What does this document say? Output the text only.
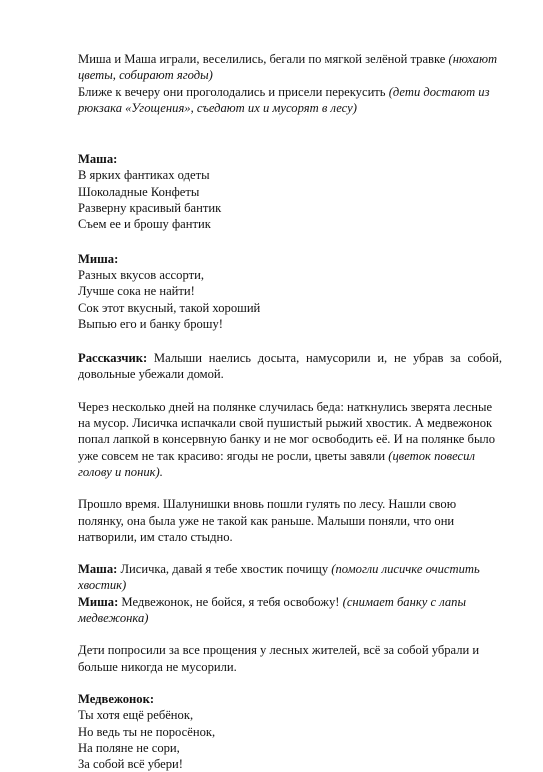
Миша и Маша играли, веселились, бегали по мягкой зелёной травке (нюхают цветы, собирают ягоды)

Ближе к вечеру они проголодались и присели перекусить (дети достают из рюкзака «Угощения», съедают их и мусорят в лесу)

Маша:
В ярких фантиках одеты
Шоколадные Конфеты
Разверну красивый бантик
Съем ее и брошу фантик
Миша:
Разных вкусов ассорти,
Лучше сока не найти!
Сок этот вкусный, такой хороший
Выпью его и банку брошу!

Рассказчик: Малыши наелись досыта, намусорили и, не убрав за собой, довольные убежали домой.

Через несколько дней на полянке случилась беда: наткнулись зверята лесные на мусор. Лисичка испачкали свой пушистый рыжий хвостик. А медвежонок попал лапкой в консервную банку и не мог освободить её. И на полянке было уже совсем не так красиво: ягоды не росли, цветы завяли (цветок повесил голову и поник).

Прошло время. Шалунишки вновь пошли гулять по лесу. Нашли свою полянку, она была уже не такой как раньше. Малыши поняли, что они натворили, им стало стыдно.

Маша: Лисичка, давай я тебе хвостик почищу (помогли лисичке очистить хвостик)

Миша: Медвежонок, не бойся, я тебя освобожу! (снимает банку с лапы медвежонка)

Дети попросили за все прощения у лесных жителей, всё за собой убрали и больше никогда не мусорили.

Медвежонок:
Ты хотя ещё ребёнок,
Но ведь ты не поросёнок,
На поляне не сори,
За собой всё убери!
